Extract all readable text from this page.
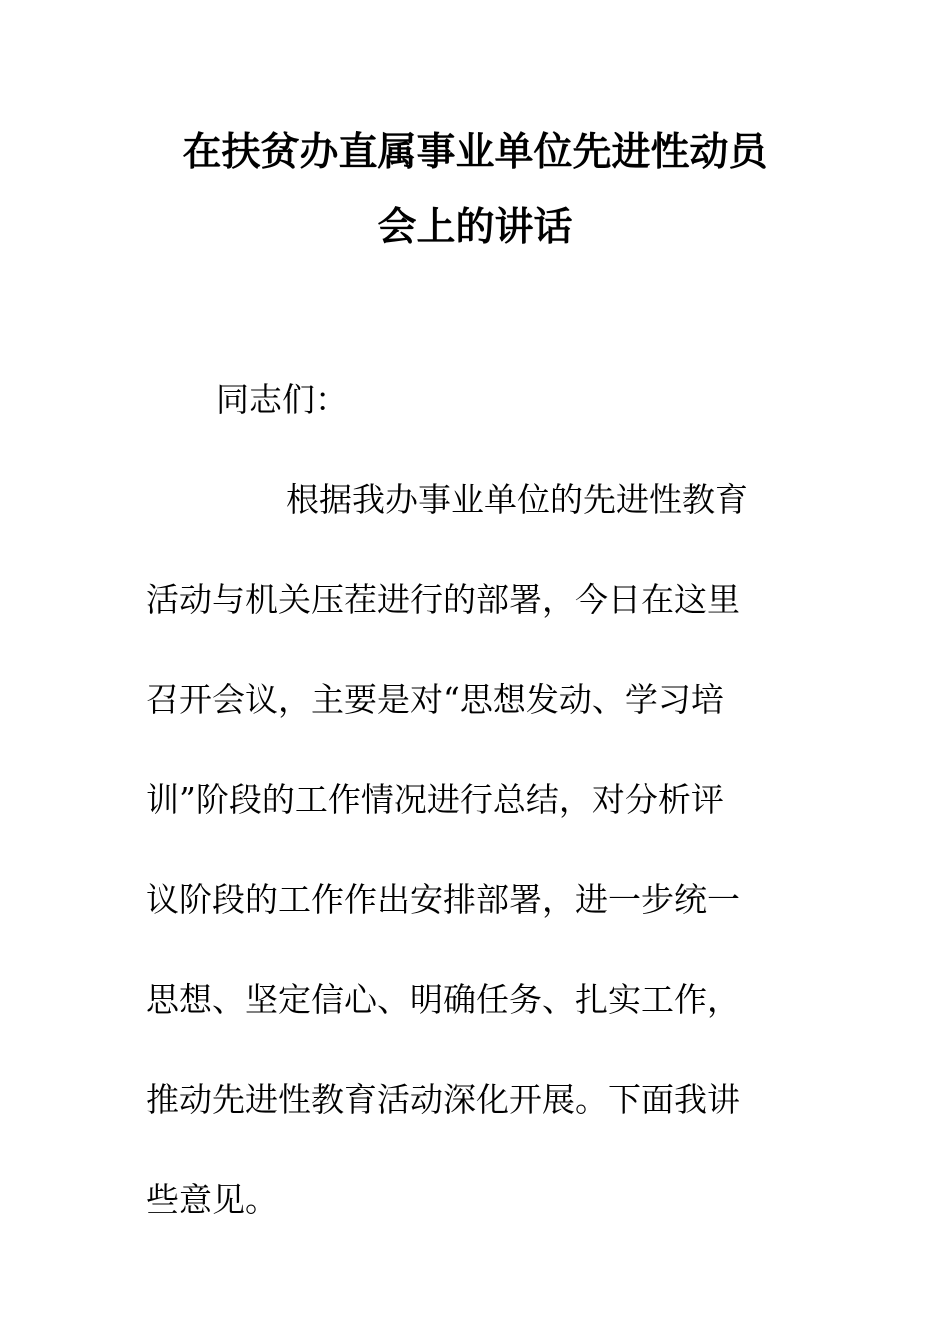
在扶贫办直属事业单位先进性动员
会上的讲话

同志们：

根据我办事业单位的先进性教育

活动与机关压茬进行的部署，今日在这里

召开会议，主要是对“思想发动、学习培

训”阶段的工作情况进行总结，对分析评

议阶段的工作作出安排部署，进一步统一

思想、坚定信心、明确任务、扎实工作，

推动先进性教育活动深化开展。下面我讲

些意见。
